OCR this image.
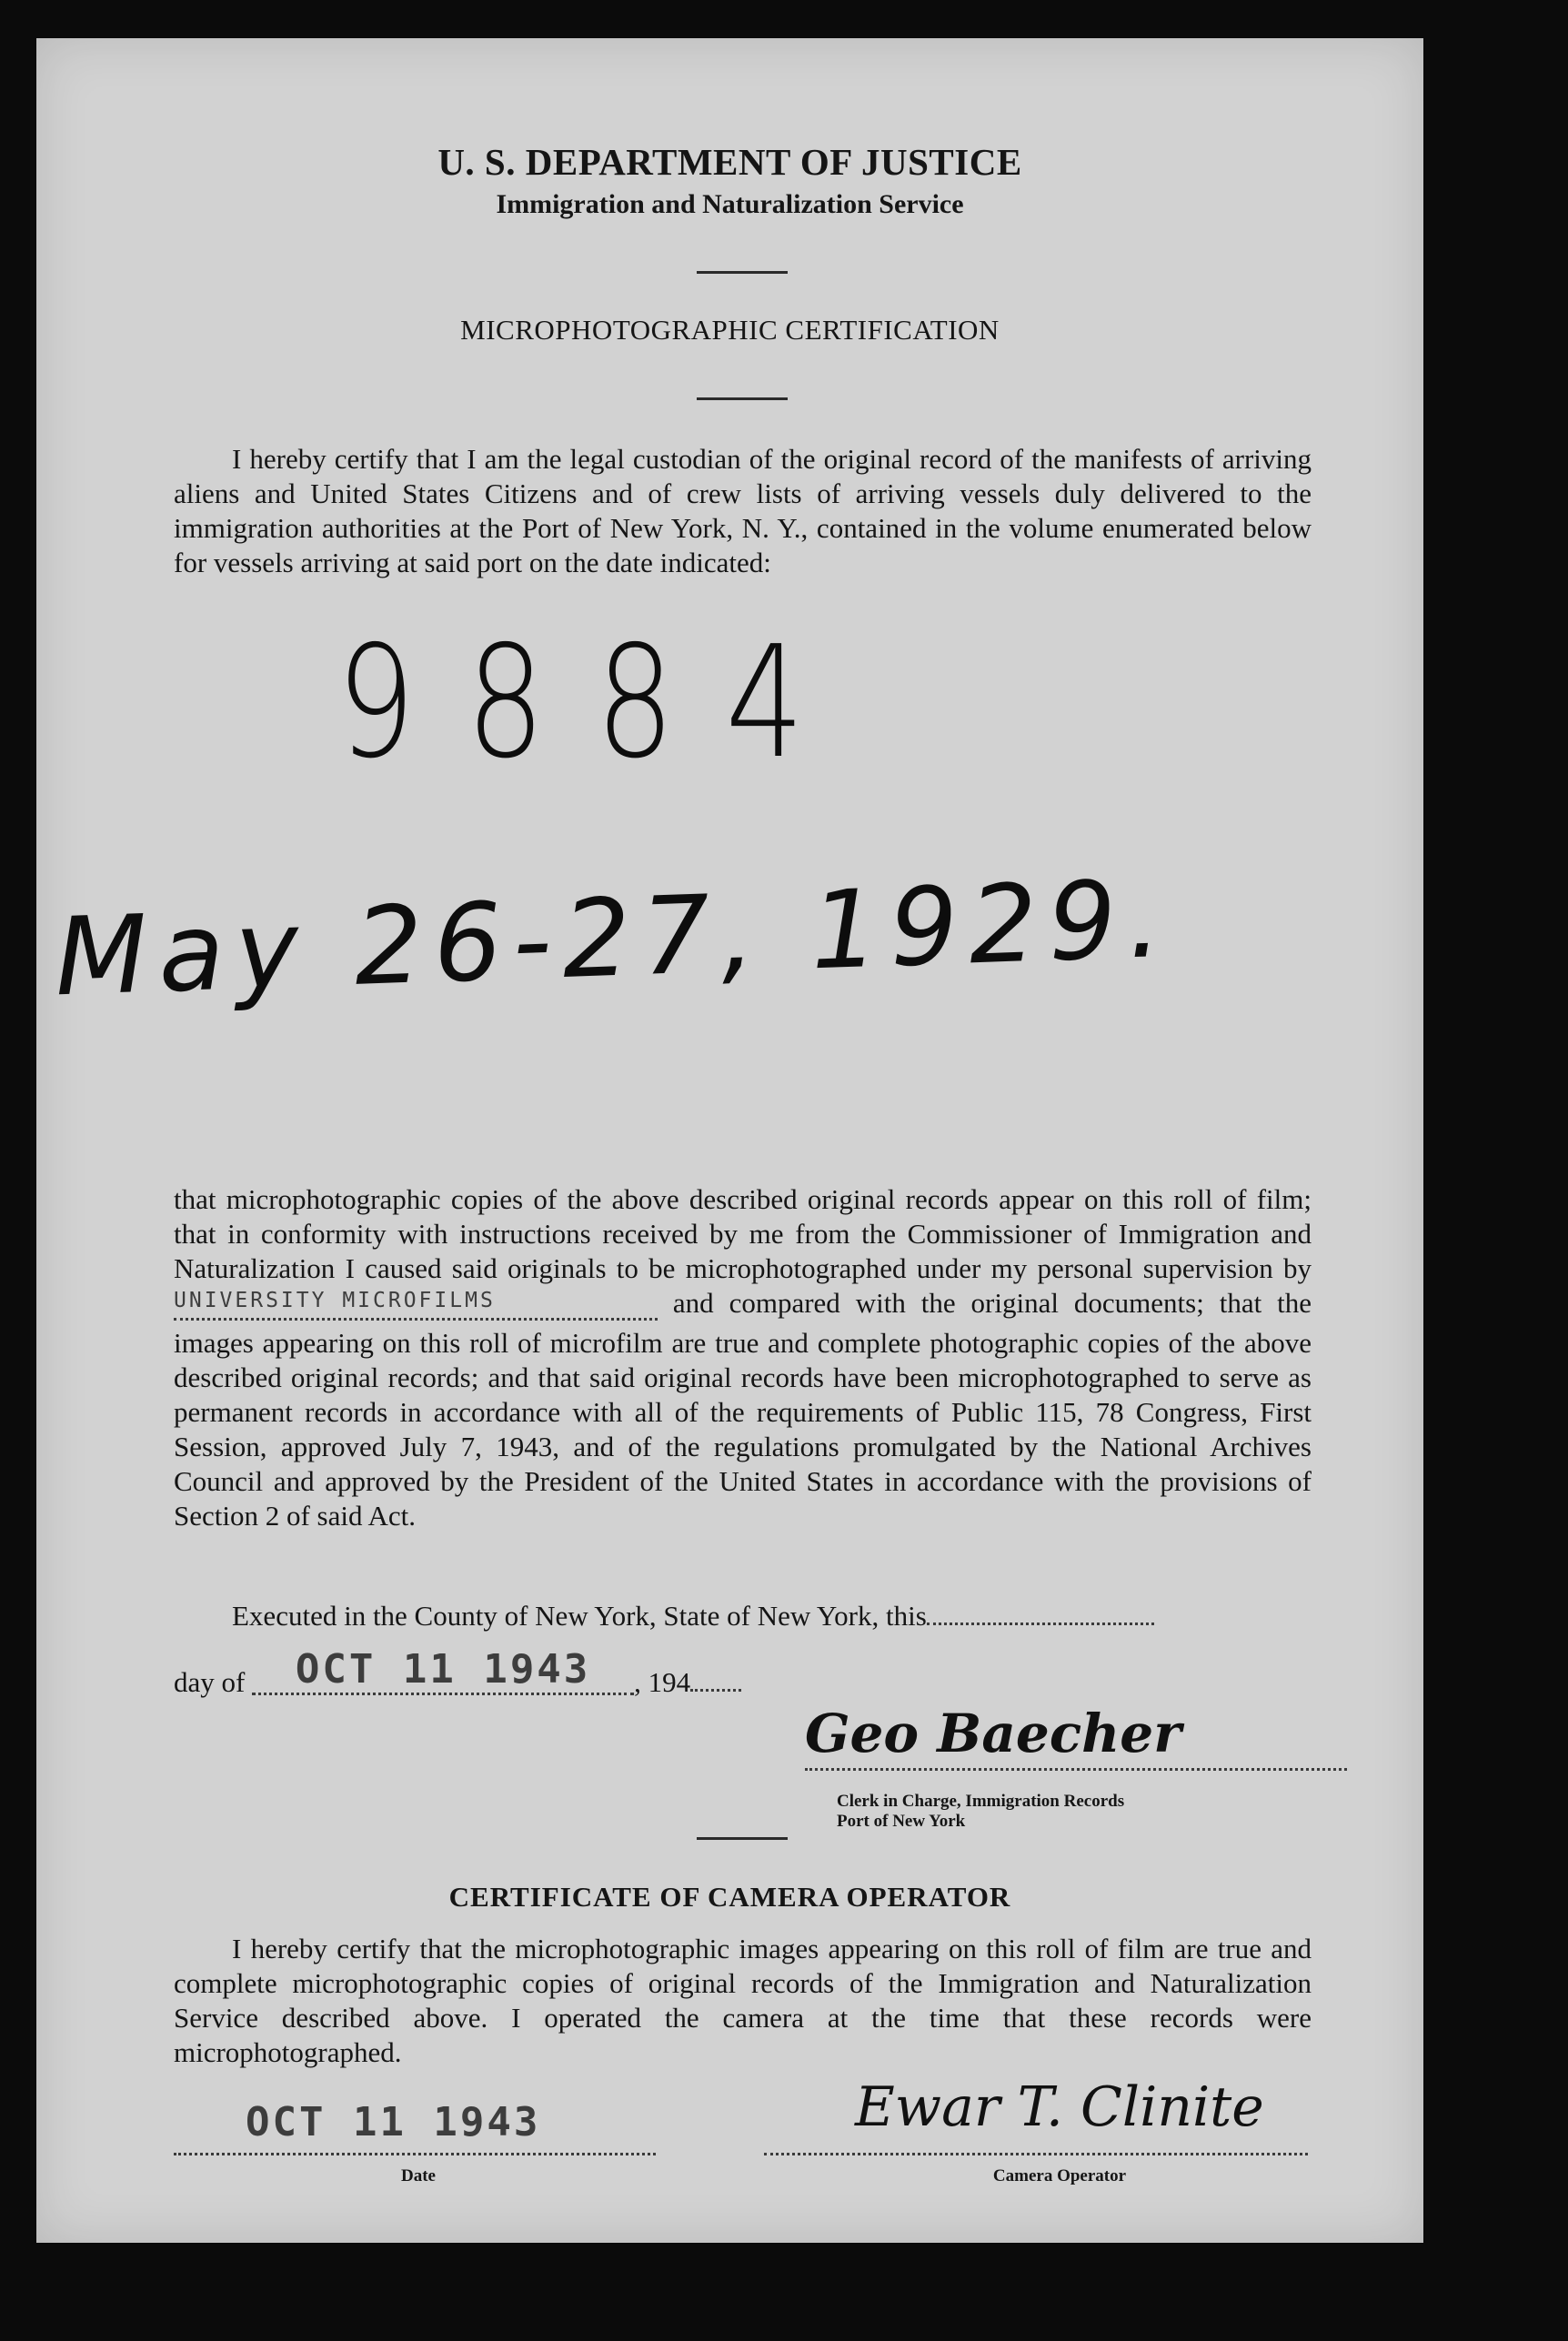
U. S. DEPARTMENT OF JUSTICE
Immigration and Naturalization Service
MICROPHOTOGRAPHIC CERTIFICATION

I hereby certify that I am the legal custodian of the original record of the manifests of arriving aliens and United States Citizens and of crew lists of arriving vessels duly delivered to the immigration authorities at the Port of New York, N. Y., contained in the volume enumerated below for vessels arriving at said port on the date indicated:

9884
May 26-27, 1929.

that microphotographic copies of the above described original records appear on this roll of film; that in conformity with instructions received by me from the Commissioner of Immigration and Naturalization I caused said originals to be microphotographed under my personal supervision by UNIVERSITY MICROFILMS	and compared with the original documents; that the images appearing on this roll of microfilm are true and complete photographic copies of the above described original records; and that said original records have been microphotographed to serve as permanent records in accordance with all of the requirements of Public 115, 78 Congress, First Session, approved July 7, 1943, and of the regulations promulgated by the National Archives Council and approved by the President of the United States in accordance with the provisions of Section 2 of said Act.

Executed in the County of New York, State of New York, this

day of OCT 11 1943 , 194
Geo Baecher
Clerk in Charge, Immigration Records
Port of New York
CERTIFICATE OF CAMERA OPERATOR

I hereby certify that the microphotographic images appearing on this roll of film are true and complete microphotographic copies of original records of the Immigration and Naturalization Service described above. I operated the camera at the time that these records were microphotographed.

OCT 11 1943	Ewar T. Clinite
Date	Camera Operator
